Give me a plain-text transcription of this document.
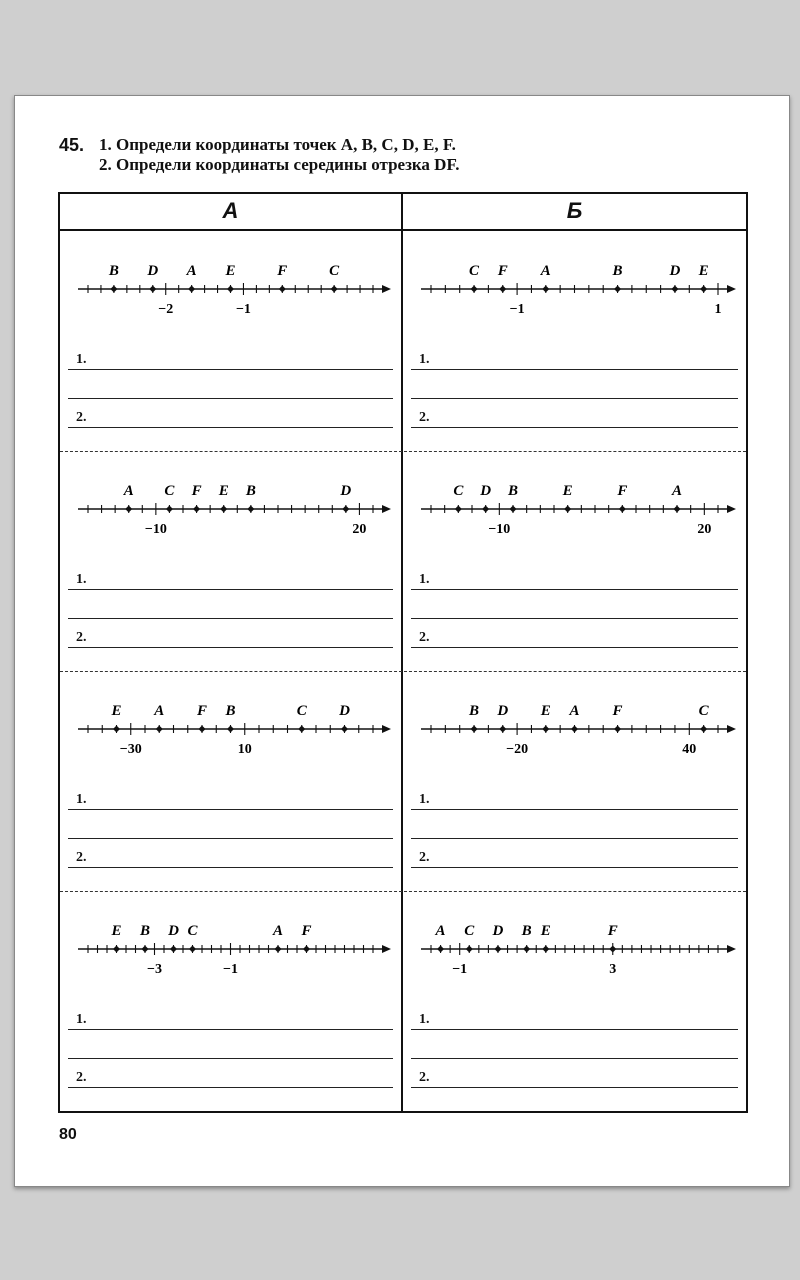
45. 1. Определи координаты точек A, B, C, D, E, F.
2. Определи координаты середины отрезка DF.
А	Б
B D A E	F	C
−2	−1
1.
2.
C F A	B	D E
−1	1
1.
2.
A C F E B	D
−10	20
1.
2.
C D B	E	F	A
−10	20
1.
2.
E A F B	C D
−30	10
1.
2.
B D E A F	C
−20	40
1.
2.
E B D C	A F
−3	−1
1.
2.
A C D B E	F
−1	3
1.
2.
80
